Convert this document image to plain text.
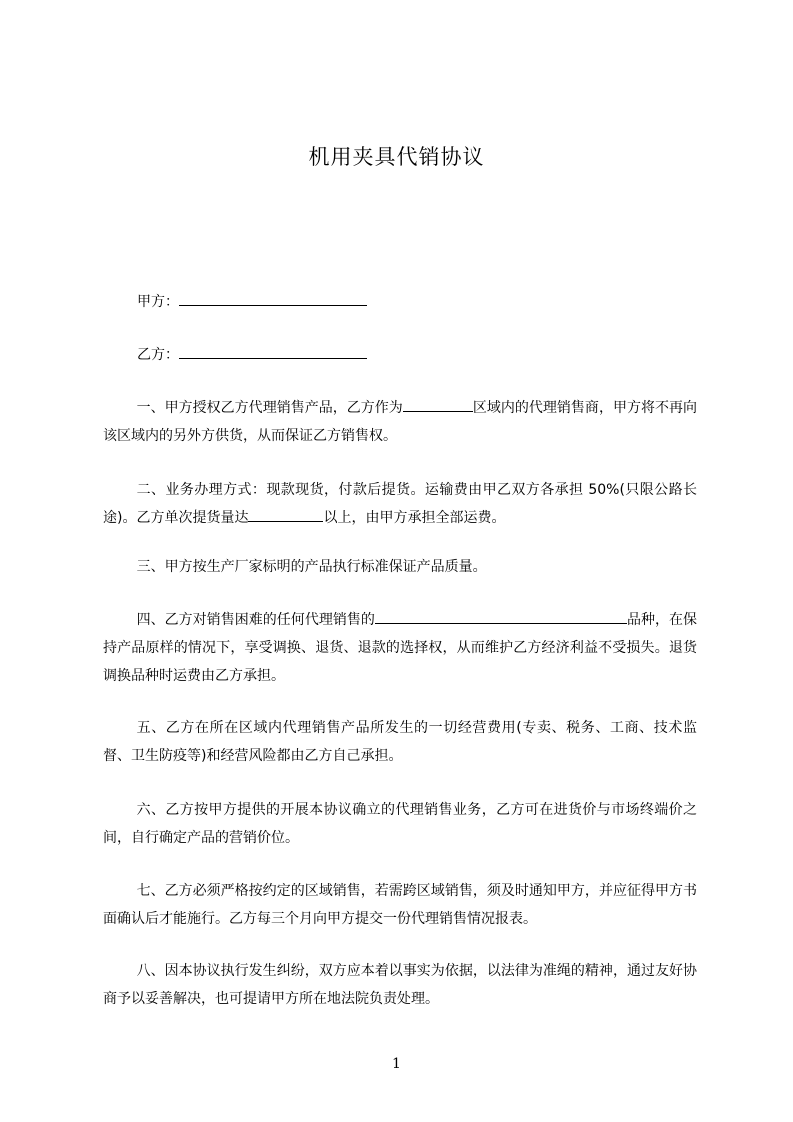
机用夹具代销协议
甲方：
乙方：
一、甲方授权乙方代理销售产品，乙方作为	区域内的代理销售商，甲方将不再向该区域内的另外方供货，从而保证乙方销售权。
二、业务办理方式：现款现货，付款后提货。运输费由甲乙双方各承担 50%(只限公路长途)。乙方单次提货量达	以上，由甲方承担全部运费。
三、甲方按生产厂家标明的产品执行标准保证产品质量。
四、乙方对销售困难的任何代理销售的	品种，在保持产品原样的情况下，享受调换、退货、退款的选择权，从而维护乙方经济利益不受损失。退货调换品种时运费由乙方承担。
五、乙方在所在区域内代理销售产品所发生的一切经营费用(专卖、税务、工商、技术监督、卫生防疫等)和经营风险都由乙方自己承担。
六、乙方按甲方提供的开展本协议确立的代理销售业务，乙方可在进货价与市场终端价之间，自行确定产品的营销价位。
七、乙方必须严格按约定的区域销售，若需跨区域销售，须及时通知甲方，并应征得甲方书面确认后才能施行。乙方每三个月向甲方提交一份代理销售情况报表。
八、因本协议执行发生纠纷，双方应本着以事实为依据，以法律为准绳的精神，通过友好协商予以妥善解决，也可提请甲方所在地法院负责处理。
1
